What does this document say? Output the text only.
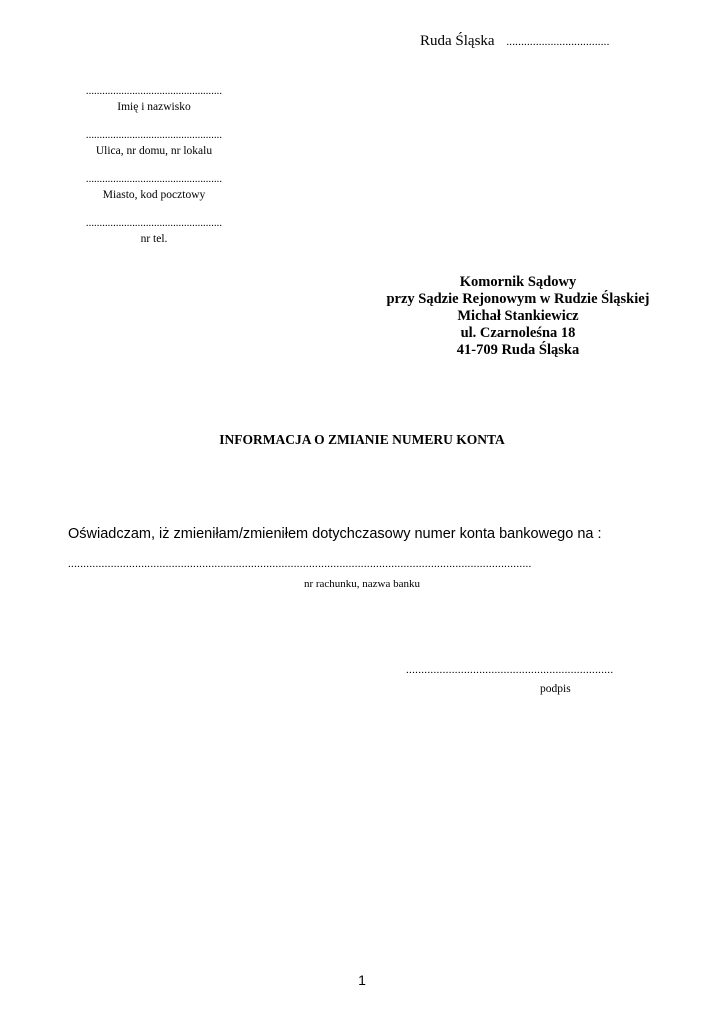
Ruda Śląska ...................................
..................................................
Imię i nazwisko
..................................................
Ulica, nr domu, nr lokalu
..................................................
Miasto, kod pocztowy
..................................................
nr tel.
Komornik Sądowy
przy Sądzie Rejonowym w Rudzie Śląskiej
Michał Stankiewicz
ul. Czarnoleśna 18
41-709 Ruda Śląska
INFORMACJA O ZMIANIE NUMERU KONTA
Oświadczam, iż zmieniłam/zmieniłem dotychczasowy numer konta bankowego na :
........................................................................................................................................................
nr rachunku, nazwa banku
....................................................................
podpis
1
